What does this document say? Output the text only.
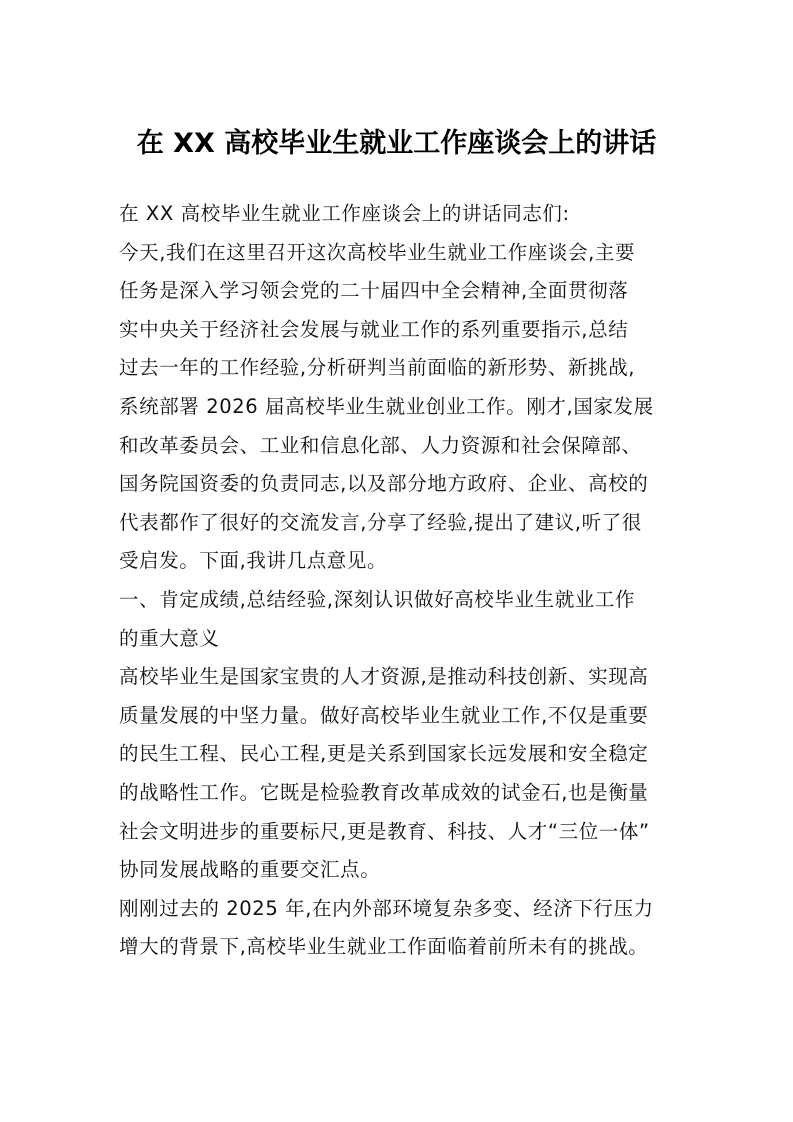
在 XX 高校毕业生就业工作座谈会上的讲话
在 XX 高校毕业生就业工作座谈会上的讲话同志们:
今天,我们在这里召开这次高校毕业生就业工作座谈会,主要
任务是深入学习领会党的二十届四中全会精神,全面贯彻落
实中央关于经济社会发展与就业工作的系列重要指示,总结
过去一年的工作经验,分析研判当前面临的新形势、新挑战,
系统部署 2026 届高校毕业生就业创业工作。刚才,国家发展
和改革委员会、工业和信息化部、人力资源和社会保障部、
国务院国资委的负责同志,以及部分地方政府、企业、高校的
代表都作了很好的交流发言,分享了经验,提出了建议,听了很
受启发。下面,我讲几点意见。
一、肯定成绩,总结经验,深刻认识做好高校毕业生就业工作
的重大意义
高校毕业生是国家宝贵的人才资源,是推动科技创新、实现高
质量发展的中坚力量。做好高校毕业生就业工作,不仅是重要
的民生工程、民心工程,更是关系到国家长远发展和安全稳定
的战略性工作。它既是检验教育改革成效的试金石,也是衡量
社会文明进步的重要标尺,更是教育、科技、人才“三位一体”
协同发展战略的重要交汇点。
刚刚过去的 2025 年,在内外部环境复杂多变、经济下行压力
增大的背景下,高校毕业生就业工作面临着前所未有的挑战。
